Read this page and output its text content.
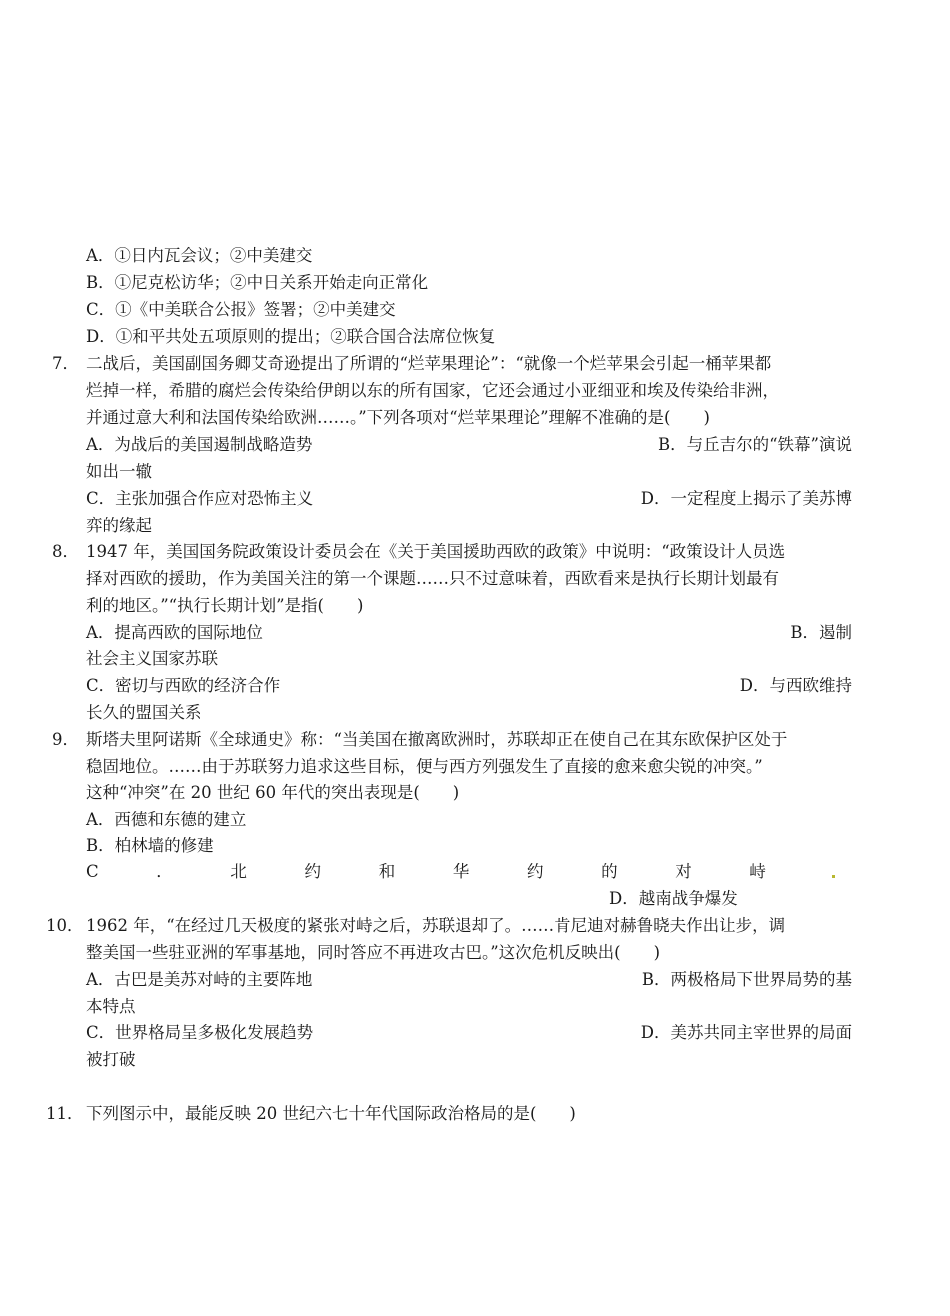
A．①日内瓦会议；②中美建交
B．①尼克松访华；②中日关系开始走向正常化
C．①《中美联合公报》签署；②中美建交
D．①和平共处五项原则的提出；②联合国合法席位恢复
7． 二战后，美国副国务卿艾奇逊提出了所谓的“烂苹果理论”：“就像一个烂苹果会引起一桶苹果都
烂掉一样，希腊的腐烂会传染给伊朗以东的所有国家，它还会通过小亚细亚和埃及传染给非洲，
并通过意大利和法国传染给欧洲……。”下列各项对“烂苹果理论”理解不准确的是(　　)
A．为战后的美国遏制战略造势	B．与丘吉尔的“铁幕”演说
如出一辙
C．主张加强合作应对恐怖主义	D．一定程度上揭示了美苏博
弈的缘起
8． 1947 年，美国国务院政策设计委员会在《关于美国援助西欧的政策》中说明：“政策设计人员选
择对西欧的援助，作为美国关注的第一个课题……只不过意味着，西欧看来是执行长期计划最有
利的地区。”“执行长期计划”是指(　　)
A．提高西欧的国际地位	B．遏制
社会主义国家苏联
C．密切与西欧的经济合作	D．与西欧维持
长久的盟国关系
9． 斯塔夫里阿诺斯《全球通史》称：“当美国在撤离欧洲时，苏联却正在使自己在其东欧保护区处于
稳固地位。……由于苏联努力追求这些目标，便与西方列强发生了直接的愈来愈尖锐的冲突。”
这种“冲突”在 20 世纪 60 年代的突出表现是(　　)
A．西德和东德的建立
B．柏林墙的修建
C	．	北	约	和	华	约	的	对	峙
D．越南战争爆发
10． 1962 年，“在经过几天极度的紧张对峙之后，苏联退却了。……肯尼迪对赫鲁晓夫作出让步，调
整美国一些驻亚洲的军事基地，同时答应不再进攻古巴。”这次危机反映出(　　)
A．古巴是美苏对峙的主要阵地	B．两极格局下世界局势的基
本特点
C．世界格局呈多极化发展趋势	D．美苏共同主宰世界的局面
被打破
11． 下列图示中，最能反映 20 世纪六七十年代国际政治格局的是(　　)
